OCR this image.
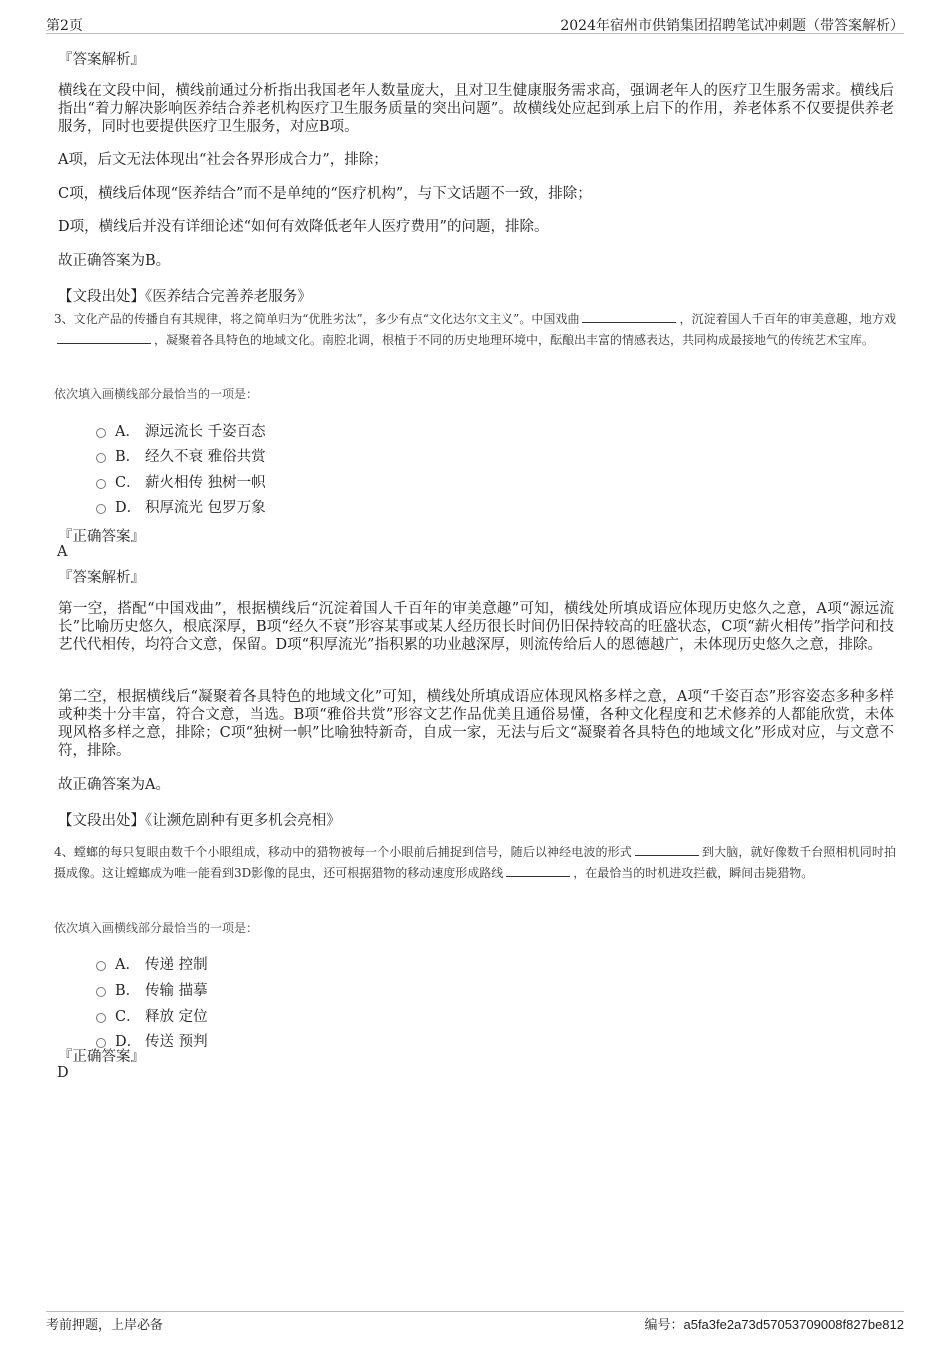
第2页	2024年宿州市供销集团招聘笔试冲刺题（带答案解析）
『答案解析』
横线在文段中间，横线前通过分析指出我国老年人数量庞大，且对卫生健康服务需求高，强调老年人的医疗卫生服务需求。横线后指出“着力解决影响医养结合养老机构医疗卫生服务质量的突出问题”。故横线处应起到承上启下的作用，养老体系不仅要提供养老服务，同时也要提供医疗卫生服务，对应B项。
A项，后文无法体现出“社会各界形成合力”，排除；
C项，横线后体现“医养结合”而不是单纯的“医疗机构”，与下文话题不一致，排除；
D项，横线后并没有详细论述“如何有效降低老年人医疗费用”的问题，排除。
故正确答案为B。
【文段出处】《医养结合完善养老服务》
3、文化产品的传播自有其规律，将之简单归为“优胜劣汰”，多少有点“文化达尔文主义”。中国戏曲	，沉淀着国人千百年的审美意趣，地方戏，凝聚着各具特色的地域文化。南腔北调，根植于不同的历史地理环境中，酝酿出丰富的情感表达，共同构成最接地气的传统艺术宝库。
依次填入画横线部分最恰当的一项是：
A． 源远流长 千姿百态
B． 经久不衰 雅俗共赏
C． 薪火相传 独树一帜
D． 积厚流光 包罗万象
『正确答案』
A
『答案解析』
第一空，搭配“中国戏曲”，根据横线后“沉淀着国人千百年的审美意趣”可知，横线处所填成语应体现历史悠久之意，A项“源远流长”比喻历史悠久，根底深厚，B项“经久不衰”形容某事或某人经历很长时间仍旧保持较高的旺盛状态，C项“薪火相传”指学问和技艺代代相传，均符合文意，保留。D项“积厚流光”指积累的功业越深厚，则流传给后人的恩德越广，未体现历史悠久之意，排除。
第二空，根据横线后“凝聚着各具特色的地域文化”可知，横线处所填成语应体现风格多样之意，A项“千姿百态”形容姿态多种多样或种类十分丰富，符合文意，当选。B项“雅俗共赏”形容文艺作品优美且通俗易懂，各种文化程度和艺术修养的人都能欣赏，未体现风格多样之意，排除；C项“独树一帜”比喻独特新奇，自成一家，无法与后文“凝聚着各具特色的地域文化”形成对应，与文意不符，排除。
故正确答案为A。
【文段出处】《让濒危剧种有更多机会亮相》
4、螳螂的每只复眼由数千个小眼组成，移动中的猎物被每一个小眼前后捕捉到信号，随后以神经电波的形式	到大脑，就好像数千台照相机同时拍摄成像。这让螳螂成为唯一能看到3D影像的昆虫，还可根据猎物的移动速度形成路线	，在最恰当的时机进攻拦截，瞬间击毙猎物。
依次填入画横线部分最恰当的一项是：
A． 传递 控制
B． 传输 描摹
C． 释放 定位
D． 传送 预判
『正确答案』
D
考前押题，上岸必备	编号：a5fa3fe2a73d57053709008f827be812
